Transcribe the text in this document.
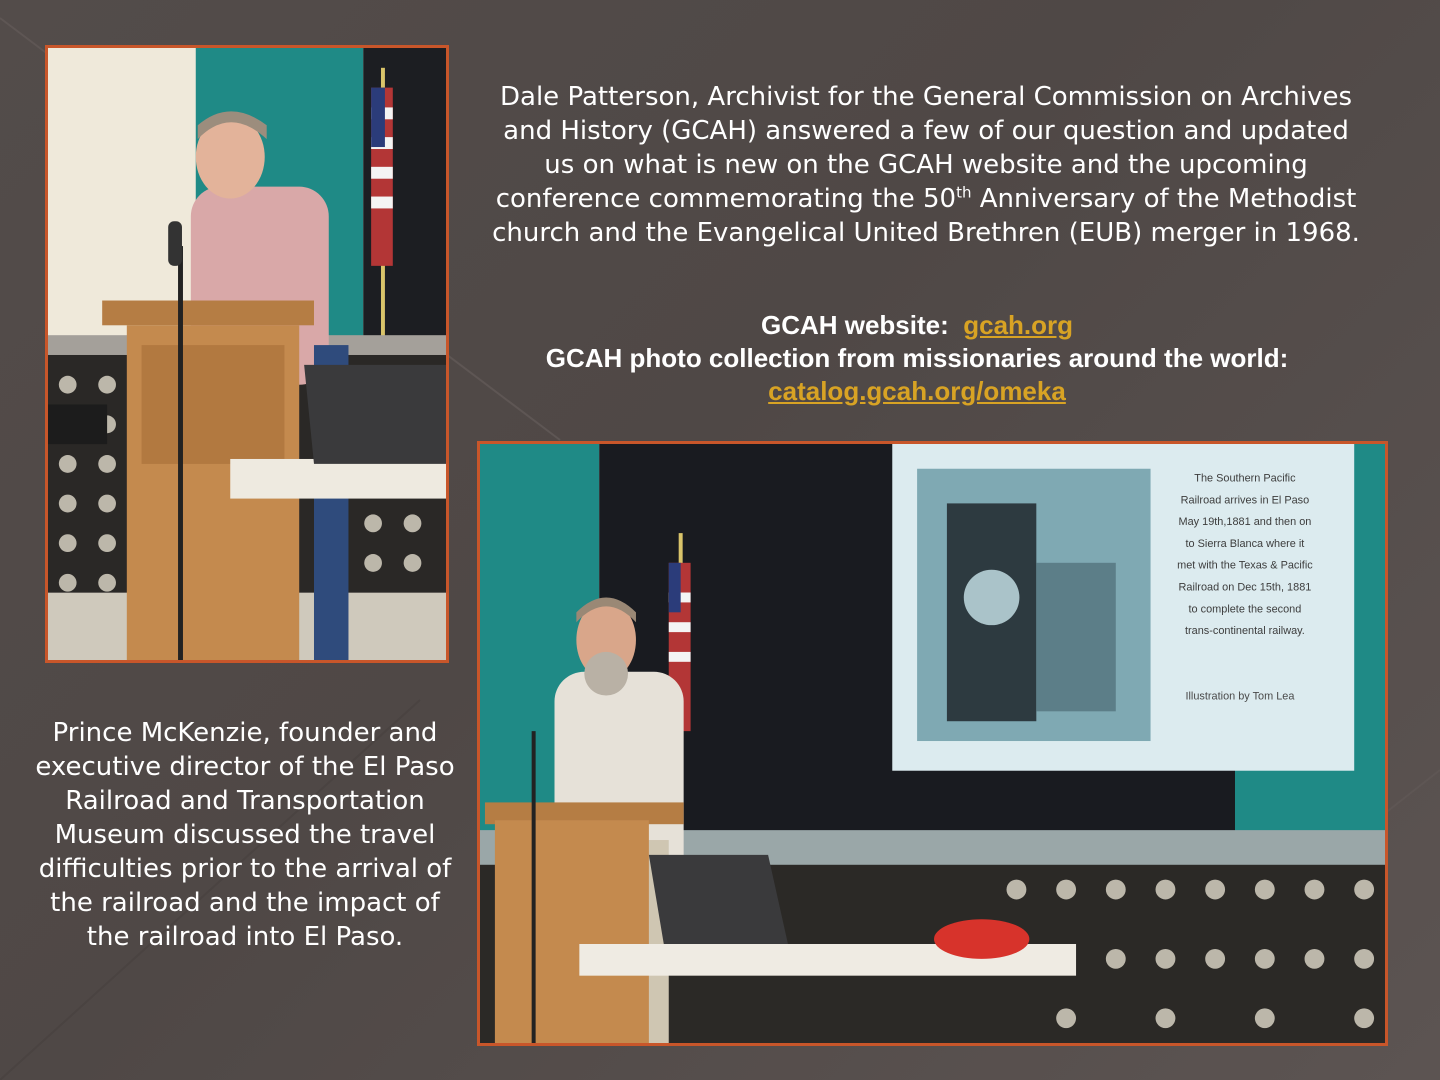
Dale Patterson, Archivist for the General Commission on Archives and History (GCAH) answered a few of our question and updated us on what is new on the GCAH website and the upcoming conference commemorating the 50th Anniversary of the Methodist church and the Evangelical United Brethren (EUB) merger in 1968.
GCAH website: gcah.org
GCAH photo collection from missionaries around the world:
catalog.gcah.org/omeka
Prince McKenzie, founder and executive director of the El Paso Railroad and Transportation Museum discussed the travel difficulties prior to the arrival of the railroad and the impact of the railroad into El Paso.
The Southern Pacific
Railroad arrives in El Paso
May 19th,1881 and then on
to Sierra Blanca where it
met with the Texas & Pacific
Railroad on Dec 15th, 1881
to complete the second
trans-continental railway.
Illustration by Tom Lea
